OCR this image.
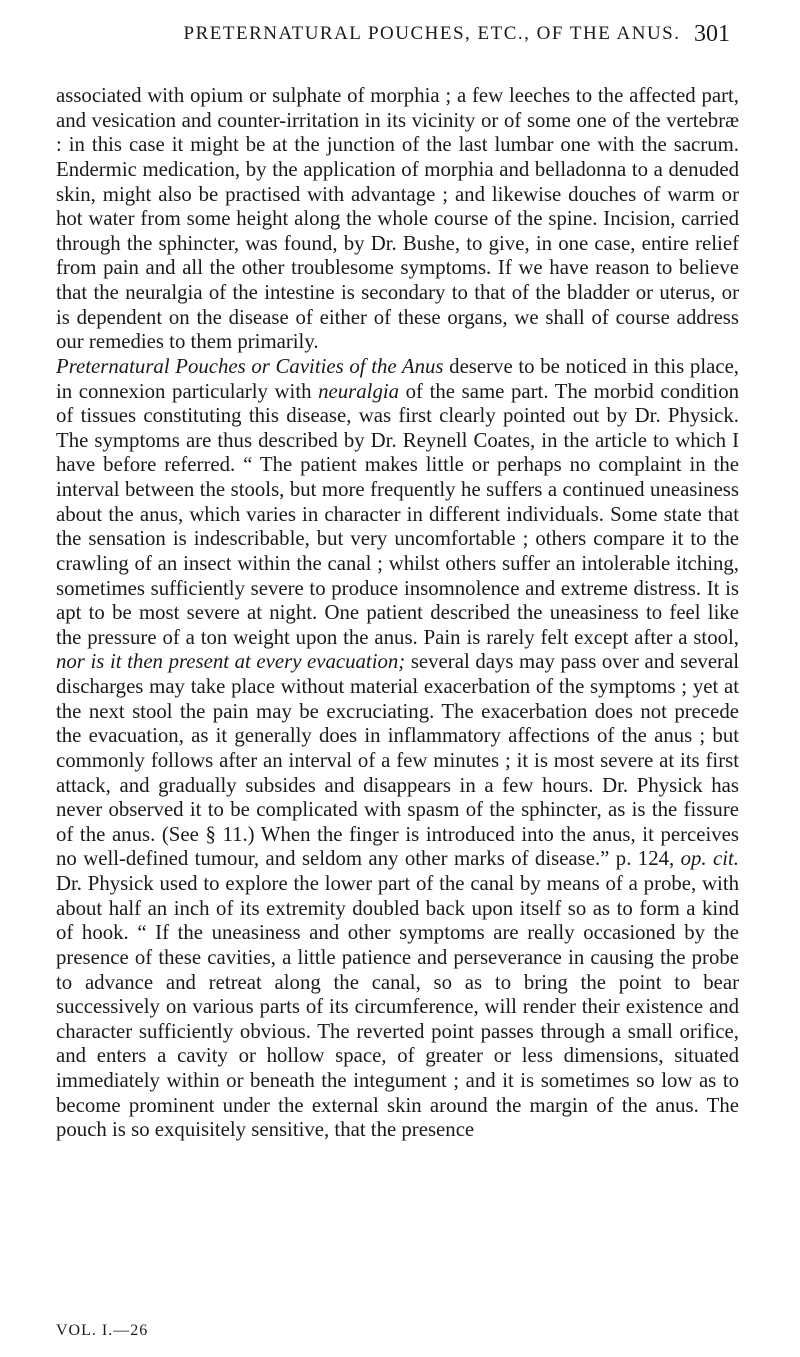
PRETERNATURAL POUCHES, ETC., OF THE ANUS. 301

associated with opium or sulphate of morphia ; a few leeches to the affected part, and vesication and counter-irritation in its vicinity or of some one of the vertebræ : in this case it might be at the junction of the last lumbar one with the sacrum. Endermic medication, by the application of morphia and belladonna to a denuded skin, might also be practised with advantage ; and likewise douches of warm or hot water from some height along the whole course of the spine. Incision, carried through the sphincter, was found, by Dr. Bushe, to give, in one case, entire relief from pain and all the other troublesome symptoms. If we have reason to believe that the neuralgia of the intestine is secondary to that of the bladder or uterus, or is dependent on the disease of either of these organs, we shall of course address our remedies to them primarily.

Preternatural Pouches or Cavities of the Anus deserve to be noticed in this place, in connexion particularly with neuralgia of the same part. The morbid condition of tissues constituting this disease, was first clearly pointed out by Dr. Physick. The symptoms are thus described by Dr. Reynell Coates, in the article to which I have before referred. “ The patient makes little or perhaps no complaint in the interval between the stools, but more frequently he suffers a continued uneasiness about the anus, which varies in character in different individuals. Some state that the sensation is indescribable, but very uncomfortable ; others compare it to the crawling of an insect within the canal ; whilst others suffer an intolerable itching, sometimes sufficiently severe to produce insomnolence and extreme distress. It is apt to be most severe at night. One patient described the uneasiness to feel like the pressure of a ton weight upon the anus. Pain is rarely felt except after a stool, nor is it then present at every evacuation; several days may pass over and several discharges may take place without material exacerbation of the symptoms ; yet at the next stool the pain may be excruciating. The exacerbation does not precede the evacuation, as it generally does in inflammatory affections of the anus ; but commonly follows after an interval of a few minutes ; it is most severe at its first attack, and gradually subsides and disappears in a few hours. Dr. Physick has never observed it to be complicated with spasm of the sphincter, as is the fissure of the anus. (See § 11.) When the finger is introduced into the anus, it perceives no well-defined tumour, and seldom any other marks of disease.” p. 124, op. cit. Dr. Physick used to explore the lower part of the canal by means of a probe, with about half an inch of its extremity doubled back upon itself so as to form a kind of hook. “ If the uneasiness and other symptoms are really occasioned by the presence of these cavities, a little patience and perseverance in causing the probe to advance and retreat along the canal, so as to bring the point to bear successively on various parts of its circumference, will render their existence and character sufficiently obvious. The reverted point passes through a small orifice, and enters a cavity or hollow space, of greater or less dimensions, situated immediately within or beneath the integument ; and it is sometimes so low as to become prominent under the external skin around the margin of the anus. The pouch is so exquisitely sensitive, that the presence

VOL. I.—26
